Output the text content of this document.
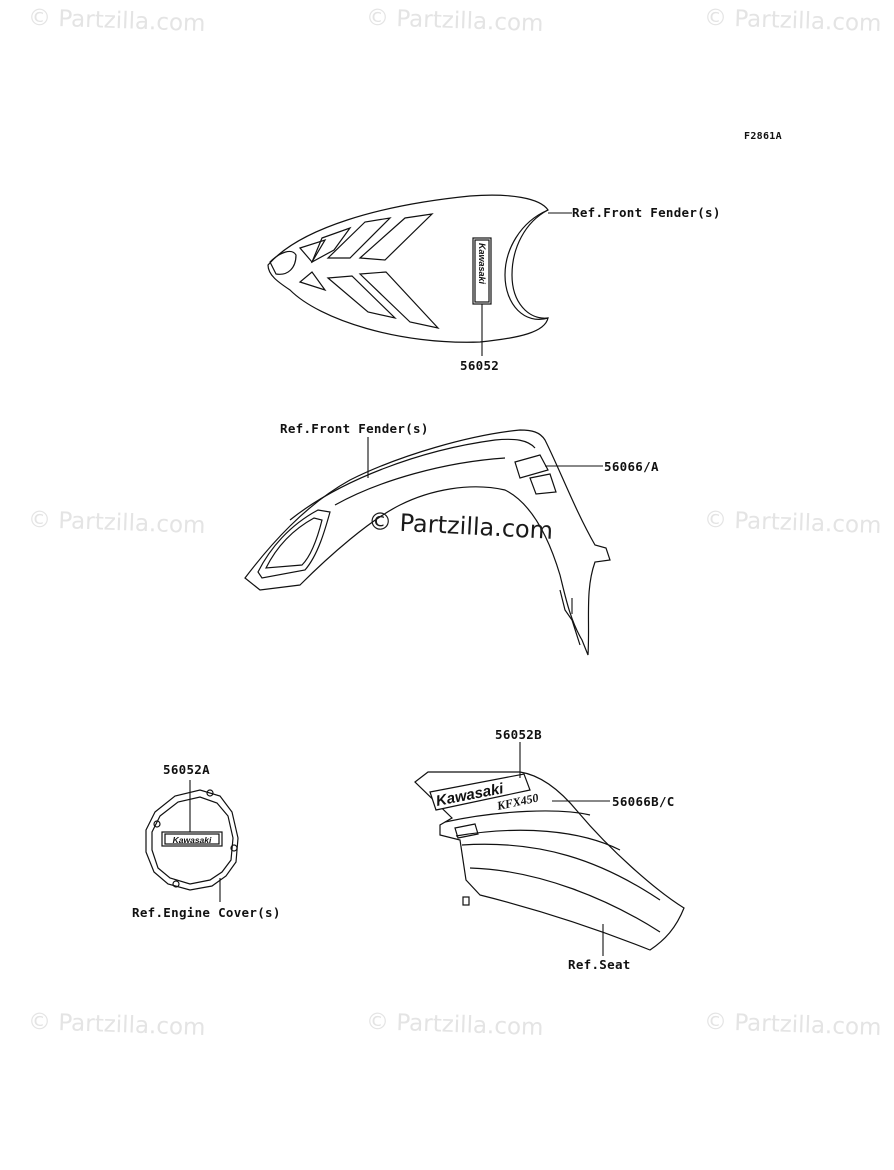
© Partzilla.com	© Partzilla.com	© Partzilla.com
© Partzilla.com	© Partzilla.com
© Partzilla.com	© Partzilla.com	© Partzilla.com
Kawasaki
Kawasaki
Kawasaki
KFX450
© Partzilla.com
F2861A
Ref.Front Fender(s)
56052
Ref.Front Fender(s)
56066/A
56052A
Ref.Engine Cover(s)
56052B
56066B/C
Ref.Seat
